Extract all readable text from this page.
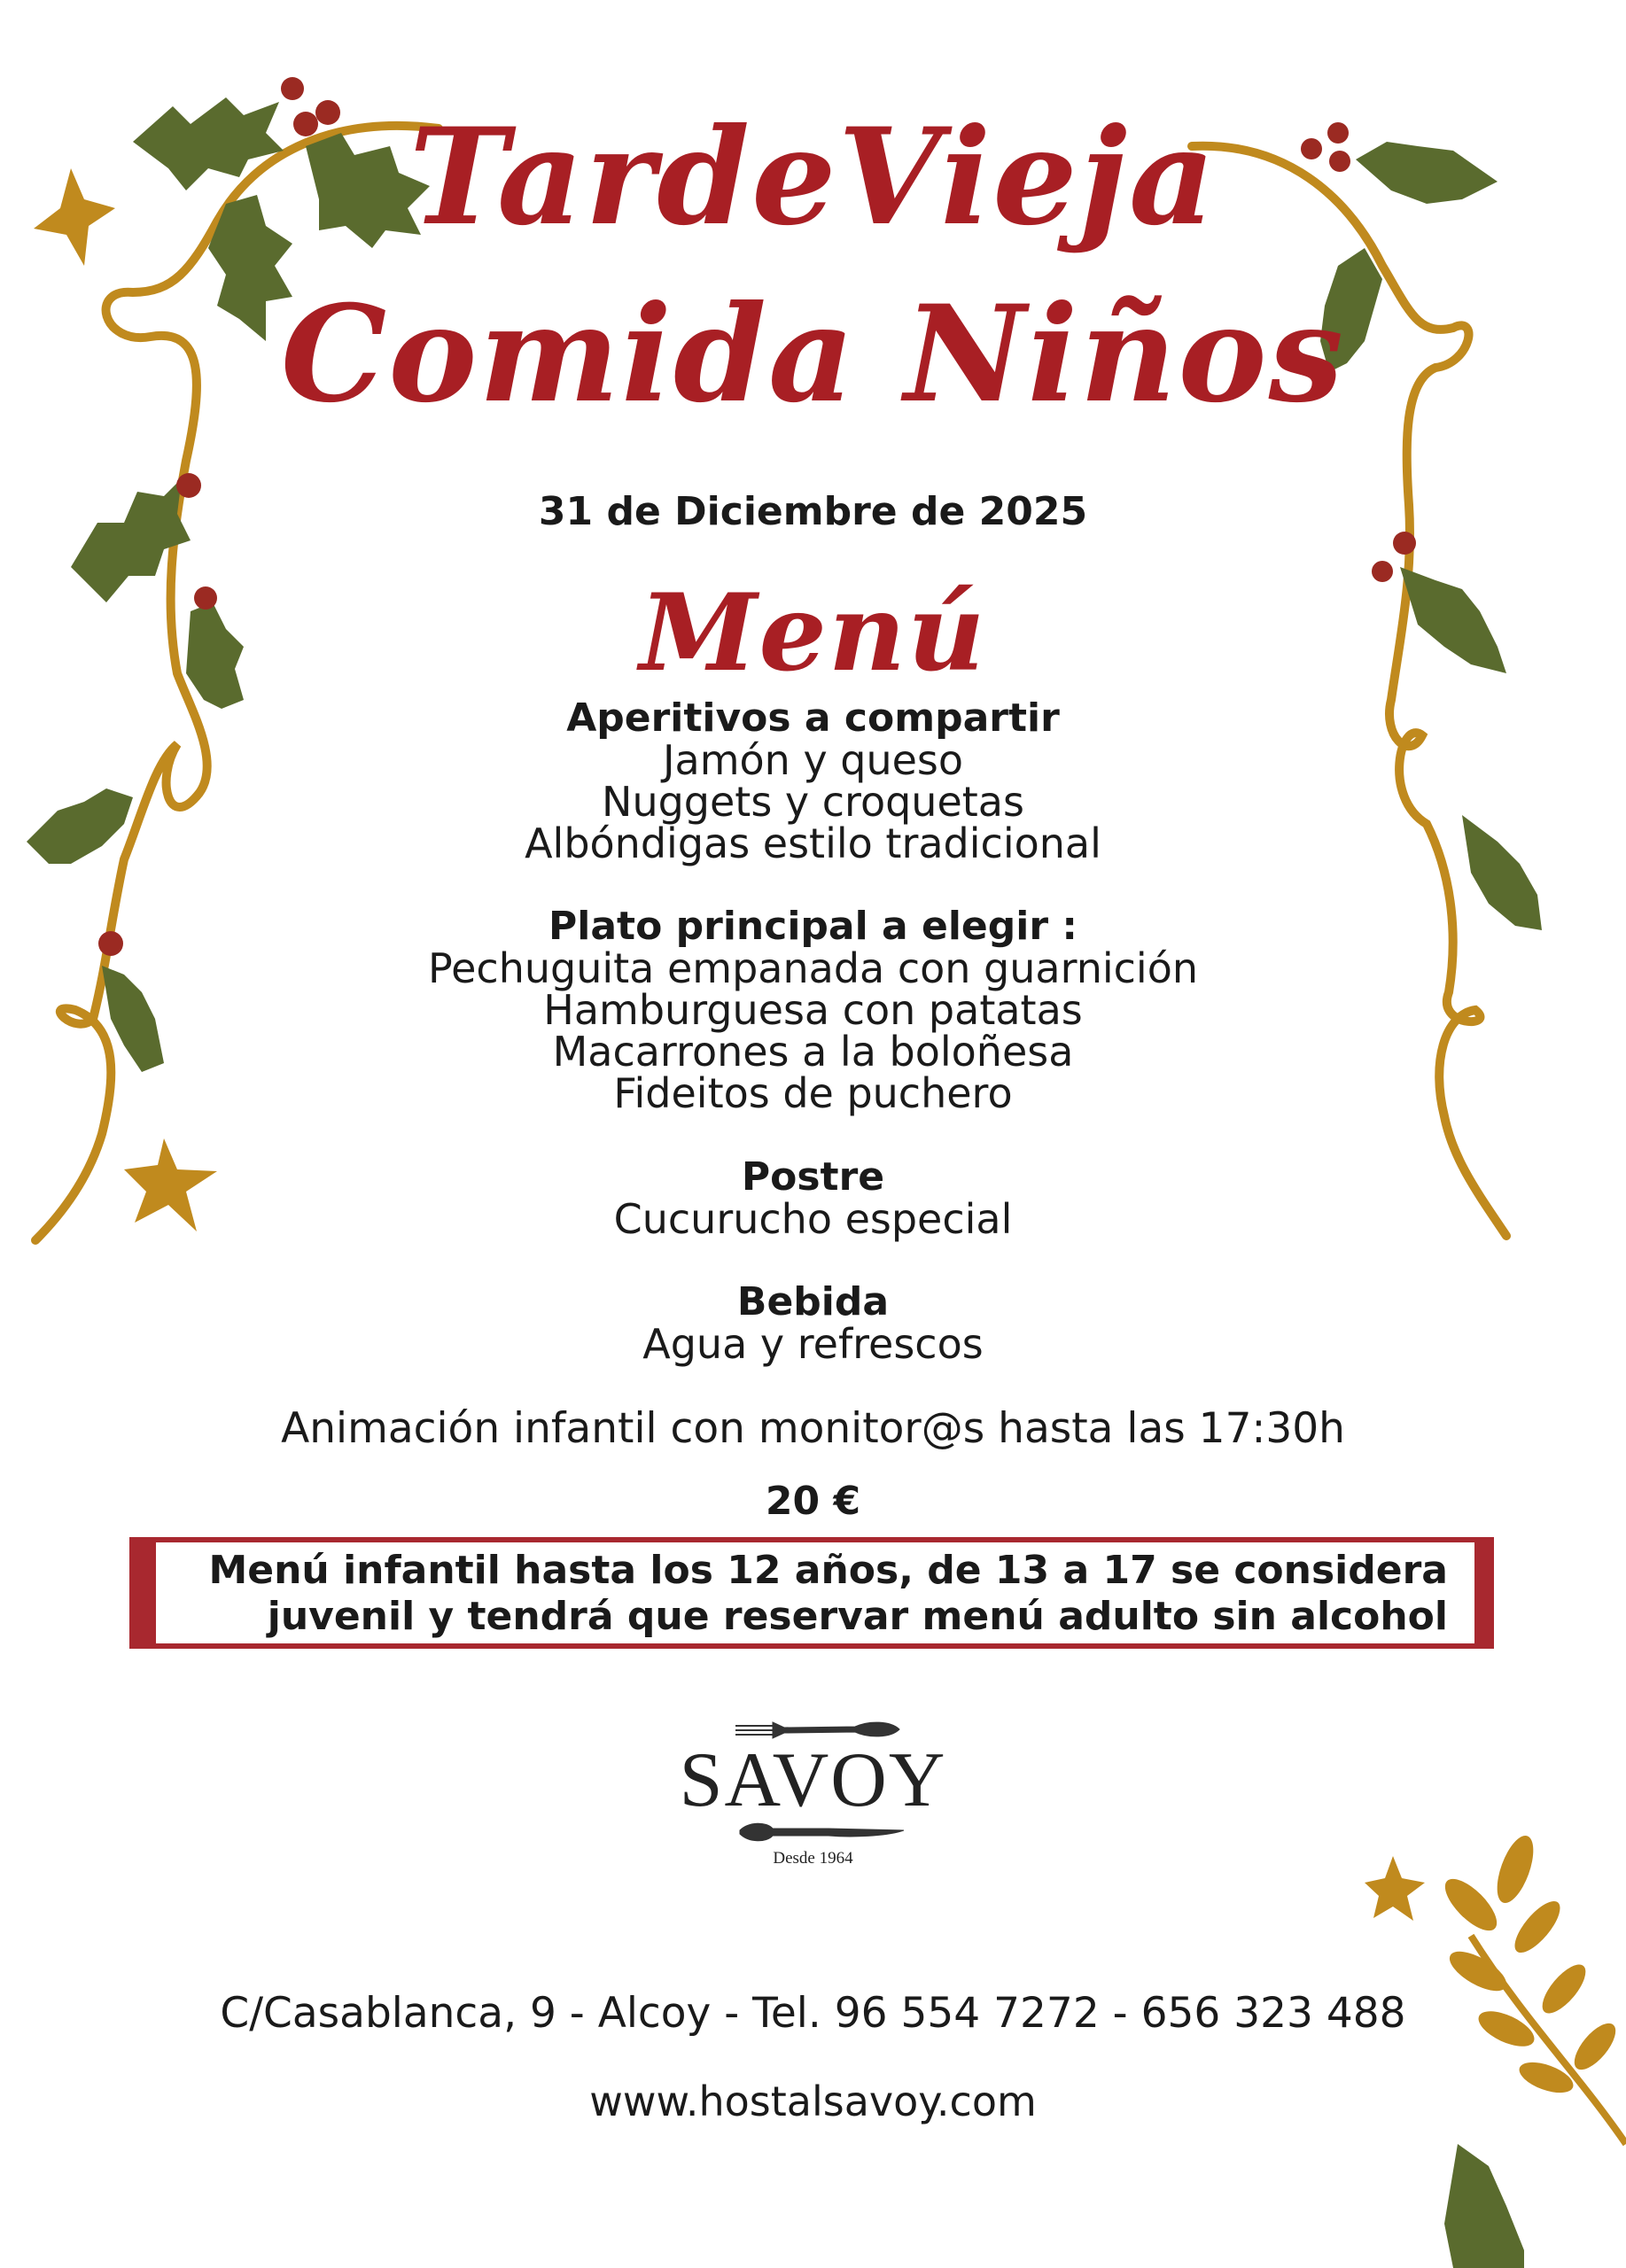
TardeVieja
Comida Niños
31 de Diciembre de 2025
Menú
Aperitivos a compartir
Jamón y queso
Nuggets y croquetas
Albóndigas estilo tradicional
Plato principal a elegir :
Pechuguita empanada con guarnición
Hamburguesa con patatas
Macarrones a la boloñesa
Fideitos de puchero
Postre
Cucurucho especial
Bebida
Agua y refrescos
Animación infantil con monitor@s hasta las 17:30h
20 €
Menú infantil hasta los 12 años, de 13 a 17 se considera
juvenil y tendrá que reservar menú adulto sin alcohol
SAVOY
Desde 1964
C/Casablanca, 9 - Alcoy - Tel. 96 554 7272 - 656 323 488
www.hostalsavoy.com
